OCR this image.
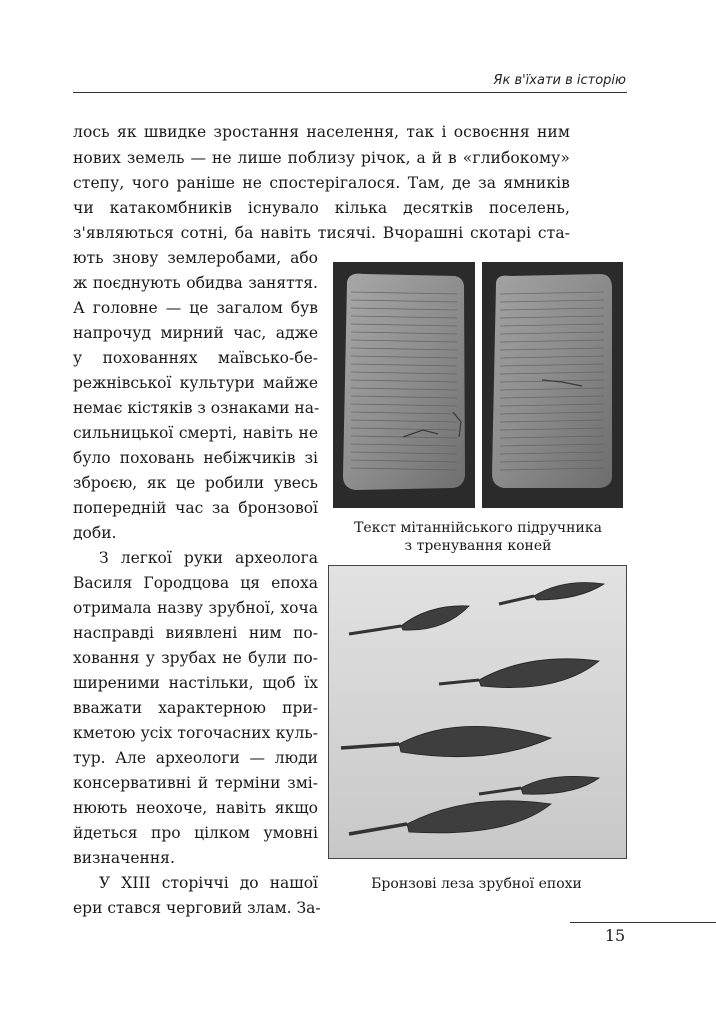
Як в'їхати в історію
лось як швидке зростання населення, так і освоєння ним
нових земель — не лише поблизу річок, а й в «глибокому»
степу, чого раніше не спостерігалося. Там, де за ямників
чи катакомбників існувало кілька десятків поселень,
з'являються сотні, ба навіть тисячі. Вчорашні скотарі ста-
ють знову землеробами, або
ж поєднують обидва заняття.
А головне — це загалом був
напрочуд мирний час, адже
у похованнях маївсько-бе-
режнівської культури майже
немає кістяків з ознаками на-
сильницької смерті, навіть не
було поховань небіжчиків зі
зброєю, як це робили увесь
попередній час за бронзової
доби.
З легкої руки археолога
Василя Городцова ця епоха
отримала назву зрубної, хоча
насправді виявлені ним по-
ховання у зрубах не були по-
ширеними настільки, щоб їх
вважати характерною при-
кметою усіх тогочасних куль-
тур. Але археологи — люди
консервативні й терміни змі-
нюють неохоче, навіть якщо
йдеться про цілком умовні
визначення.
У XIII сторіччі до нашої
ери стався черговий злам. За-
Текст мітаннійського підручника
з тренування коней
Бронзові леза зрубної епохи
15
